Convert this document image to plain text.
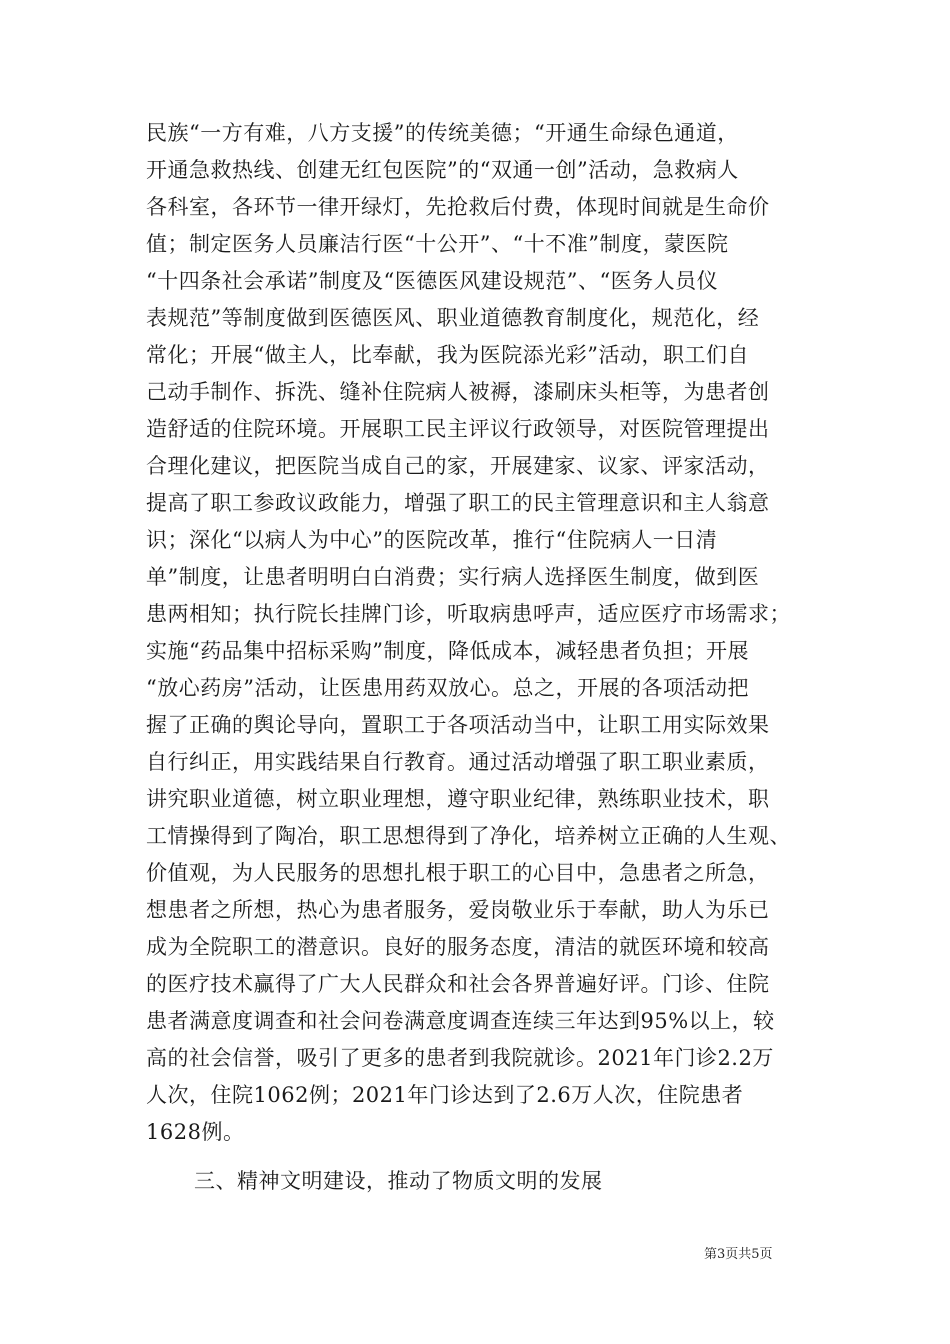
民族“一方有难，八方支援”的传统美德；“开通生命绿色通道，
开通急救热线、创建无红包医院”的“双通一创”活动，急救病人
各科室，各环节一律开绿灯，先抢救后付费，体现时间就是生命价
值；制定医务人员廉洁行医“十公开”、“十不准”制度，蒙医院
“十四条社会承诺”制度及“医德医风建设规范”、“医务人员仪
表规范”等制度做到医德医风、职业道德教育制度化，规范化，经
常化；开展“做主人，比奉献，我为医院添光彩”活动，职工们自
己动手制作、拆洗、缝补住院病人被褥，漆刷床头柜等，为患者创
造舒适的住院环境。开展职工民主评议行政领导，对医院管理提出
合理化建议，把医院当成自己的家，开展建家、议家、评家活动，
提高了职工参政议政能力，增强了职工的民主管理意识和主人翁意
识；深化“以病人为中心”的医院改革，推行“住院病人一日清
单”制度，让患者明明白白消费；实行病人选择医生制度，做到医
患两相知；执行院长挂牌门诊，听取病患呼声，适应医疗市场需求；
实施“药品集中招标采购”制度，降低成本，减轻患者负担；开展
“放心药房”活动，让医患用药双放心。总之，开展的各项活动把
握了正确的舆论导向，置职工于各项活动当中，让职工用实际效果
自行纠正，用实践结果自行教育。通过活动增强了职工职业素质，
讲究职业道德，树立职业理想，遵守职业纪律，熟练职业技术，职
工情操得到了陶冶，职工思想得到了净化，培养树立正确的人生观、
价值观，为人民服务的思想扎根于职工的心目中，急患者之所急，
想患者之所想，热心为患者服务，爱岗敬业乐于奉献，助人为乐已
成为全院职工的潜意识。良好的服务态度，清洁的就医环境和较高
的医疗技术赢得了广大人民群众和社会各界普遍好评。门诊、住院
患者满意度调查和社会问卷满意度调查连续三年达到95%以上，较
高的社会信誉，吸引了更多的患者到我院就诊。2021年门诊2.2万
人次，住院1062例；2021年门诊达到了2.6万人次，住院患者
1628例。
三、精神文明建设，推动了物质文明的发展
第3页共5页
